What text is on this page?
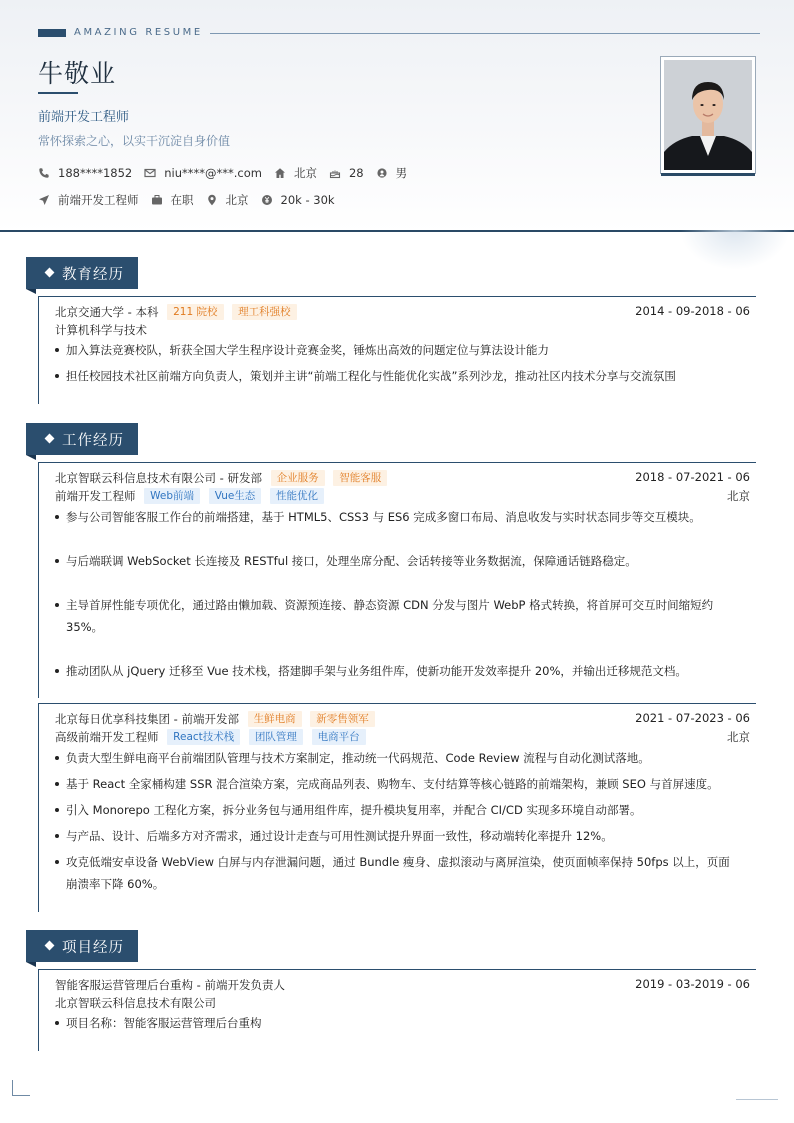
AMAZING RESUME
牛敬业
前端开发工程师
常怀探索之心，以实干沉淀自身价值
188****1852	niu****@***.com	北京	28	男
前端开发工程师	在职	北京	20k - 30k
教育经历
北京交通大学 - 本科 211 院校 理工科强校	2014 - 09-2018 - 06
计算机科学与技术
加入算法竞赛校队，斩获全国大学生程序设计竞赛金奖，锤炼出高效的问题定位与算法设计能力
担任校园技术社区前端方向负责人，策划并主讲“前端工程化与性能优化实战”系列沙龙，推动社区内技术分享与交流氛围
工作经历
北京智联云科信息技术有限公司 - 研发部 企业服务 智能客服	2018 - 07-2021 - 06
前端开发工程师 Web前端 Vue生态 性能优化	北京
参与公司智能客服工作台的前端搭建，基于 HTML5、CSS3 与 ES6 完成多窗口布局、消息收发与实时状态同步等交互模块。
与后端联调 WebSocket 长连接及 RESTful 接口，处理坐席分配、会话转接等业务数据流，保障通话链路稳定。
主导首屏性能专项优化，通过路由懒加载、资源预连接、静态资源 CDN 分发与图片 WebP 格式转换，将首屏可交互时间缩短约
35%。
推动团队从 jQuery 迁移至 Vue 技术栈，搭建脚手架与业务组件库，使新功能开发效率提升 20%，并输出迁移规范文档。
北京每日优享科技集团 - 前端开发部 生鲜电商 新零售领军	2021 - 07-2023 - 06
高级前端开发工程师 React技术栈 团队管理 电商平台	北京
负责大型生鲜电商平台前端团队管理与技术方案制定，推动统一代码规范、Code Review 流程与自动化测试落地。
基于 React 全家桶构建 SSR 混合渲染方案，完成商品列表、购物车、支付结算等核心链路的前端架构，兼顾 SEO 与首屏速度。
引入 Monorepo 工程化方案，拆分业务包与通用组件库，提升模块复用率，并配合 CI/CD 实现多环境自动部署。
与产品、设计、后端多方对齐需求，通过设计走查与可用性测试提升界面一致性，移动端转化率提升 12%。
攻克低端安卓设备 WebView 白屏与内存泄漏问题，通过 Bundle 瘦身、虚拟滚动与离屏渲染，使页面帧率保持 50fps 以上，页面
崩溃率下降 60%。
项目经历
智能客服运营管理后台重构 - 前端开发负责人	2019 - 03-2019 - 06
北京智联云科信息技术有限公司
项目名称：智能客服运营管理后台重构
